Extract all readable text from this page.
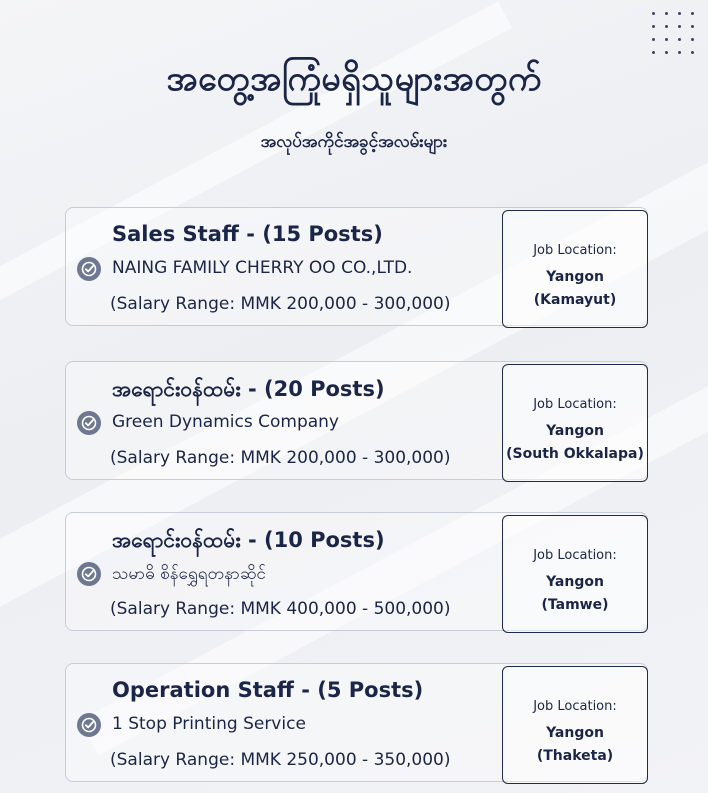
အတွေ့အကြုံမရှိသူများအတွက်
အလုပ်အကိုင်အခွင့်အလမ်းများ
Sales Staff - (15 Posts)
NAING FAMILY CHERRY OO CO.,LTD.
(Salary Range: MMK 200,000 - 300,000)
Job Location:
Yangon
(Kamayut)
အရောင်းဝန်ထမ်း - (20 Posts)
Green Dynamics Company
(Salary Range: MMK 200,000 - 300,000)
Job Location:
Yangon
(South Okkalapa)
အရောင်းဝန်ထမ်း - (10 Posts)
သမာဓိ စိန်ရွှေရတနာဆိုင်
(Salary Range: MMK 400,000 - 500,000)
Job Location:
Yangon
(Tamwe)
Operation Staff - (5 Posts)
1 Stop Printing Service
(Salary Range: MMK 250,000 - 350,000)
Job Location:
Yangon
(Thaketa)
